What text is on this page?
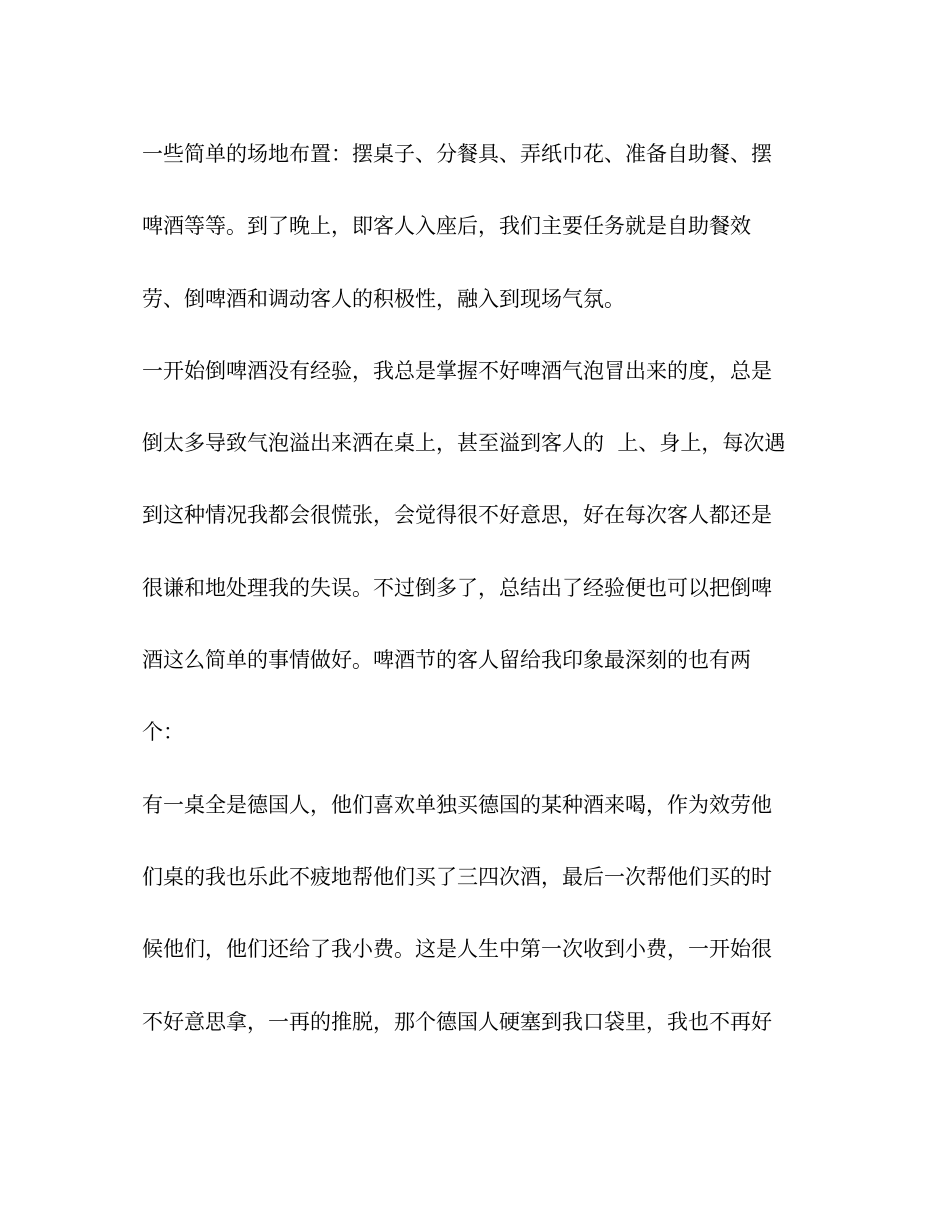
一些简单的场地布置：摆桌子、分餐具、弄纸巾花、准备自助餐、摆
啤酒等等。到了晚上，即客人入座后，我们主要任务就是自助餐效
劳、倒啤酒和调动客人的积极性，融入到现场气氛。
一开始倒啤酒没有经验，我总是掌握不好啤酒气泡冒出来的度，总是
倒太多导致气泡溢出来洒在桌上，甚至溢到客人的  上、身上，每次遇
到这种情况我都会很慌张，会觉得很不好意思，好在每次客人都还是
很谦和地处理我的失误。不过倒多了，总结出了经验便也可以把倒啤
酒这么简单的事情做好。啤酒节的客人留给我印象最深刻的也有两
个：
有一桌全是德国人，他们喜欢单独买德国的某种酒来喝，作为效劳他
们桌的我也乐此不疲地帮他们买了三四次酒，最后一次帮他们买的时
候他们，他们还给了我小费。这是人生中第一次收到小费，一开始很
不好意思拿，一再的推脱，那个德国人硬塞到我口袋里，我也不再好
